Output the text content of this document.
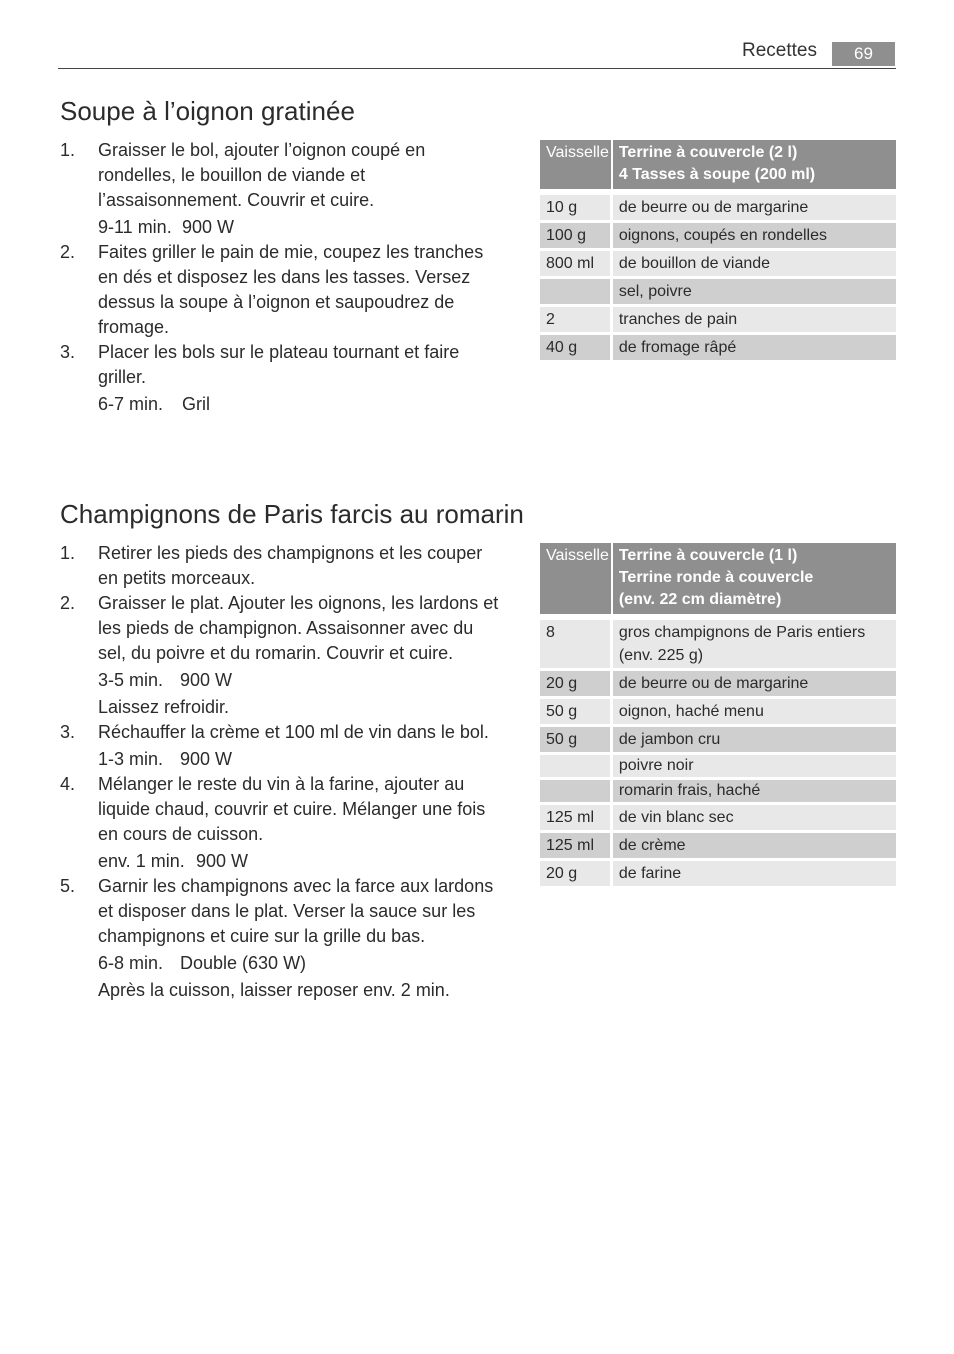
Recettes	69
Soupe à l’oignon gratinée
1. Graisser le bol, ajouter l’oignon coupé en rondelles, le bouillon de viande et l’assaisonnement. Couvrir et cuire.
9-11 min. 900 W
2. Faites griller le pain de mie, coupez les tranches en dés et disposez les dans les tasses. Versez dessus la soupe à l’oignon et saupoudrez de fromage.
3. Placer les bols sur le plateau tournant et faire griller.
6-7 min. Gril
Vaisselle	Terrine à couvercle (2 l)
4 Tasses à soupe (200 ml)

10 g	de beurre ou de margarine
100 g	oignons, coupés en rondelles
800 ml	de bouillon de viande
	sel, poivre
2	tranches de pain
40 g	de fromage râpé
Champignons de Paris farcis au romarin
1. Retirer les pieds des champignons et les couper en petits morceaux.
2. Graisser le plat. Ajouter les oignons, les lardons et les pieds de champignon. Assaisonner avec du sel, du poivre et du romarin. Couvrir et cuire.
3-5 min. 900 W
Laissez refroidir.
3. Réchauffer la crème et 100 ml de vin dans le bol.
1-3 min. 900 W
4. Mélanger le reste du vin à la farine, ajouter au liquide chaud, couvrir et cuire. Mélanger une fois en cours de cuisson.
env. 1 min. 900 W
5. Garnir les champignons avec la farce aux lardons et disposer dans le plat. Verser la sauce sur les champignons et cuire sur la grille du bas.
6-8 min. Double (630 W)
Après la cuisson, laisser reposer env. 2 min.
Vaisselle	Terrine à couvercle (1 l)
Terrine ronde à couvercle
(env. 22 cm diamètre)

8	gros champignons de Paris entiers (env. 225 g)
20 g	de beurre ou de margarine
50 g	oignon, haché menu
50 g	de jambon cru
	poivre noir
	romarin frais, haché
125 ml	de vin blanc sec
125 ml	de crème
20 g	de farine
